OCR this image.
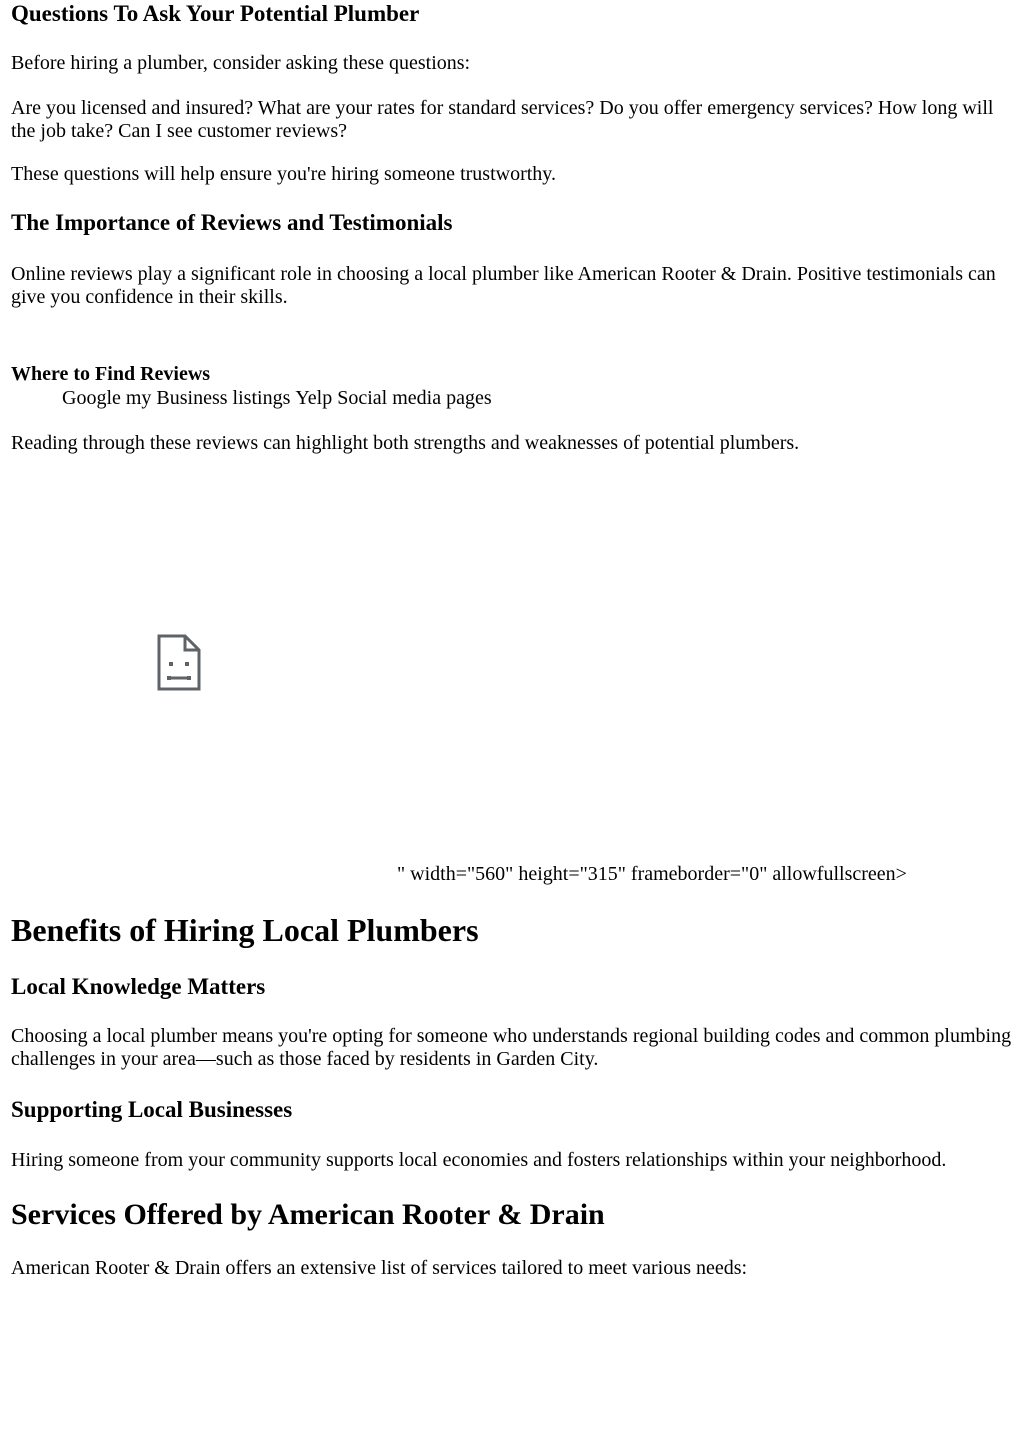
Questions To Ask Your Potential Plumber

Before hiring a plumber, consider asking these questions:

Are you licensed and insured? What are your rates for standard services? Do you offer emergency services? How long will the job take? Can I see customer reviews?

These questions will help ensure you're hiring someone trustworthy.

The Importance of Reviews and Testimonials

Online reviews play a significant role in choosing a local plumber like American Rooter & Drain. Positive testimonials can give you confidence in their skills.

Where to Find Reviews
Google my Business listings Yelp Social media pages

Reading through these reviews can highlight both strengths and weaknesses of potential plumbers.

" width="560" height="315" frameborder="0" allowfullscreen>
Benefits of Hiring Local Plumbers
Local Knowledge Matters

Choosing a local plumber means you're opting for someone who understands regional building codes and common plumbing challenges in your area—such as those faced by residents in Garden City.

Supporting Local Businesses

Hiring someone from your community supports local economies and fosters relationships within your neighborhood.

Services Offered by American Rooter & Drain

American Rooter & Drain offers an extensive list of services tailored to meet various needs:
